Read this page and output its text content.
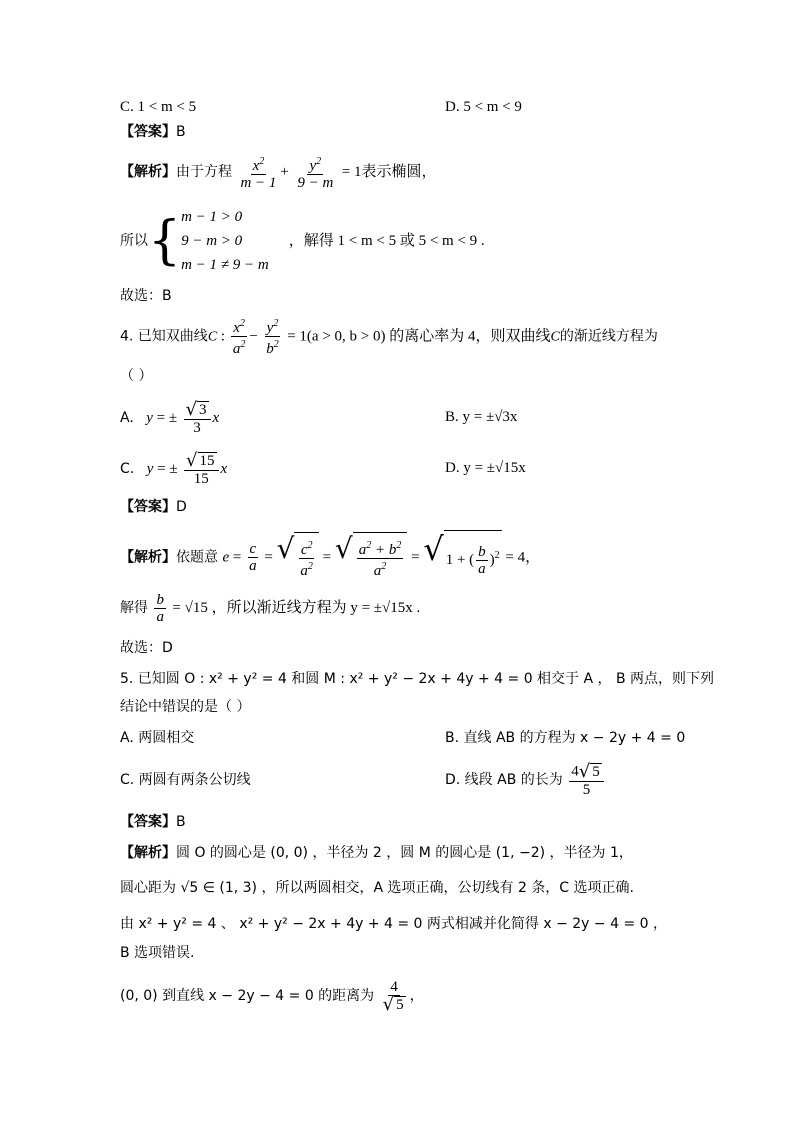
C. 1 < m < 5	D. 5 < m < 9
【答案】B
【解析】由于方程 $\frac{x^2}{m - 1} + \frac{y^2}{9 - m} = 1$表示椭圆，
所以{ m − 1 > 0
9 − m > 0
m − 1 ≠ 9 − m
，解得 1 < m < 5 或 5 < m < 9 .
故选：B
4. 已知双曲线C : $\frac{x^2}{a^2} - \frac{y^2}{b^2} = 1(a > 0$, b > 0) 的离心率为 4，则双曲线C的渐近线方程为
（ ）
A. y = ± $\frac{√ 3}{3}$ x	B. y = ±√3x
C. y = ± $\frac{√ 15}{15}$ x	D. y = ±√15x
【答案】D
【解析】依题意 $e = \frac{c}{a}$ = √ $\frac{c^2}{a^2}$ = √ $\frac{a^2 + b^2}{a^2}$ = √ 1 + ( $\frac{b}{a} )^2 = 4$，
解得 $\frac{b}{a} = √15$ ，所以渐近线方程为 y = ±√15x .
故选：D
5. 已知圆 O : x² + y² = 4 和圆 M : x² + y² − 2x + 4y + 4 = 0 相交于 A ， B 两点，则下列
结论中错误的是（ ）
A. 两圆相交	B. 直线 AB 的方程为 x − 2y + 4 = 0
C. 两圆有两条公切线	D. 线段 AB 的长为 $\frac{4 √ 5}{5}$
【答案】B
【解析】圆 O 的圆心是 (0, 0) ，半径为 2 ，圆 M 的圆心是 (1, −2) ，半径为 1，
圆心距为 √5 ∈ (1, 3) ，所以两圆相交，A 选项正确，公切线有 2 条，C 选项正确.
由 x² + y² = 4 、 x² + y² − 2x + 4y + 4 = 0 两式相减并化简得 x − 2y − 4 = 0 ，
B 选项错误.
(0, 0) 到直线 x − 2y − 4 = 0 的距离为 $\frac{4}{√ 5}$ ，
